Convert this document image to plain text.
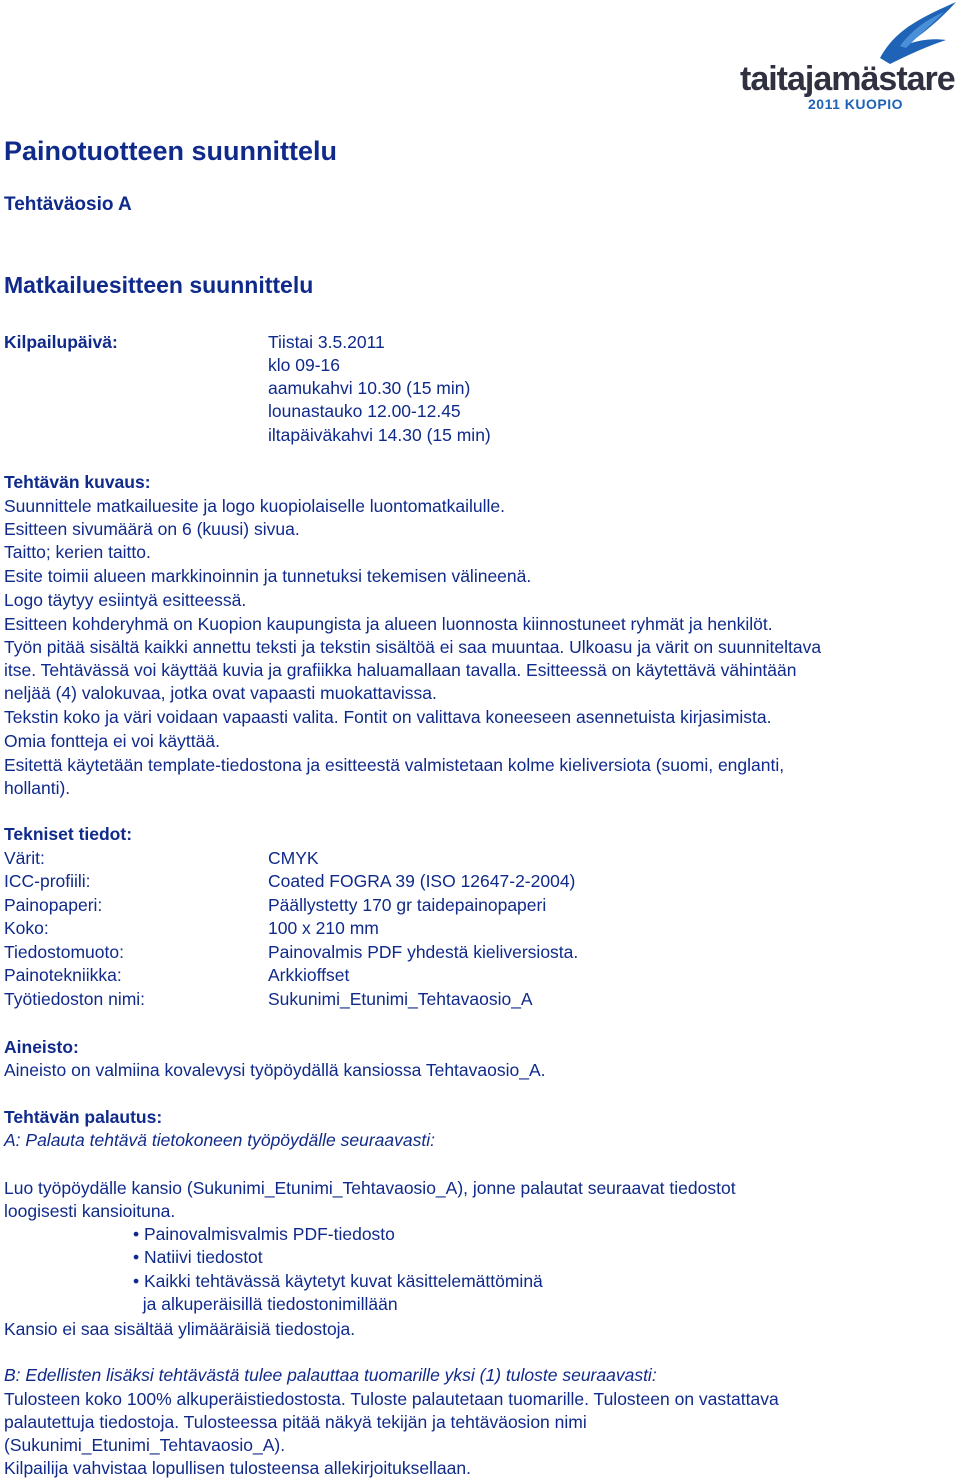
taitajamästare
2011 KUOPIO
Painotuotteen suunnittelu
Tehtäväosio A
Matkailuesitteen suunnittelu
Kilpailupäivä:	Tiistai 3.5.2011
klo 09-16
aamukahvi 10.30 (15 min)
lounastauko 12.00-12.45
iltapäiväkahvi 14.30 (15 min)
Tehtävän kuvaus:
Suunnittele matkailuesite ja logo kuopiolaiselle luontomatkailulle.
Esitteen sivumäärä on 6 (kuusi) sivua.
Taitto; kerien taitto.
Esite toimii alueen markkinoinnin ja tunnetuksi tekemisen välineenä.
Logo täytyy esiintyä esitteessä.
Esitteen kohderyhmä on Kuopion kaupungista ja alueen luonnosta kiinnostuneet ryhmät ja henkilöt.
Työn pitää sisältä kaikki annettu teksti ja tekstin sisältöä ei saa muuntaa. Ulkoasu ja värit on suunniteltava
itse. Tehtävässä voi käyttää kuvia ja grafiikka haluamallaan tavalla. Esitteessä on käytettävä vähintään
neljää (4) valokuvaa, jotka ovat vapaasti muokattavissa.
Tekstin koko ja väri voidaan vapaasti valita. Fontit on valittava koneeseen asennetuista kirjasimista.
Omia fontteja ei voi käyttää.
Esitettä käytetään template-tiedostona ja esitteestä valmistetaan kolme kieliversiota (suomi, englanti,
hollanti).
Tekniset tiedot:
Värit:	CMYK
ICC-profiili:	Coated FOGRA 39 (ISO 12647-2-2004)
Painopaperi:	Päällystetty 170 gr taidepainopaperi
Koko:	100 x 210 mm
Tiedostomuoto:	Painovalmis PDF yhdestä kieliversiosta.
Painotekniikka:	Arkkioffset
Työtiedoston nimi:	Sukunimi_Etunimi_Tehtavaosio_A
Aineisto:
Aineisto on valmiina kovalevysi työpöydällä kansiossa Tehtavaosio_A.
Tehtävän palautus:
A: Palauta tehtävä tietokoneen työpöydälle seuraavasti:
Luo työpöydälle kansio (Sukunimi_Etunimi_Tehtavaosio_A), jonne palautat seuraavat tiedostot
loogisesti kansioituna.
• Painovalmisvalmis PDF-tiedosto
• Natiivi tiedostot
• Kaikki tehtävässä käytetyt kuvat käsittelemättöminä
ja alkuperäisillä tiedostonimillään
Kansio ei saa sisältää ylimääräisiä tiedostoja.
B: Edellisten lisäksi tehtävästä tulee palauttaa tuomarille yksi (1) tuloste seuraavasti:
Tulosteen koko 100% alkuperäistiedostosta. Tuloste palautetaan tuomarille. Tulosteen on vastattava
palautettuja tiedostoja. Tulosteessa pitää näkyä tekijän ja tehtäväosion nimi
(Sukunimi_Etunimi_Tehtavaosio_A).
Kilpailija vahvistaa lopullisen tulosteensa allekirjoituksellaan.
